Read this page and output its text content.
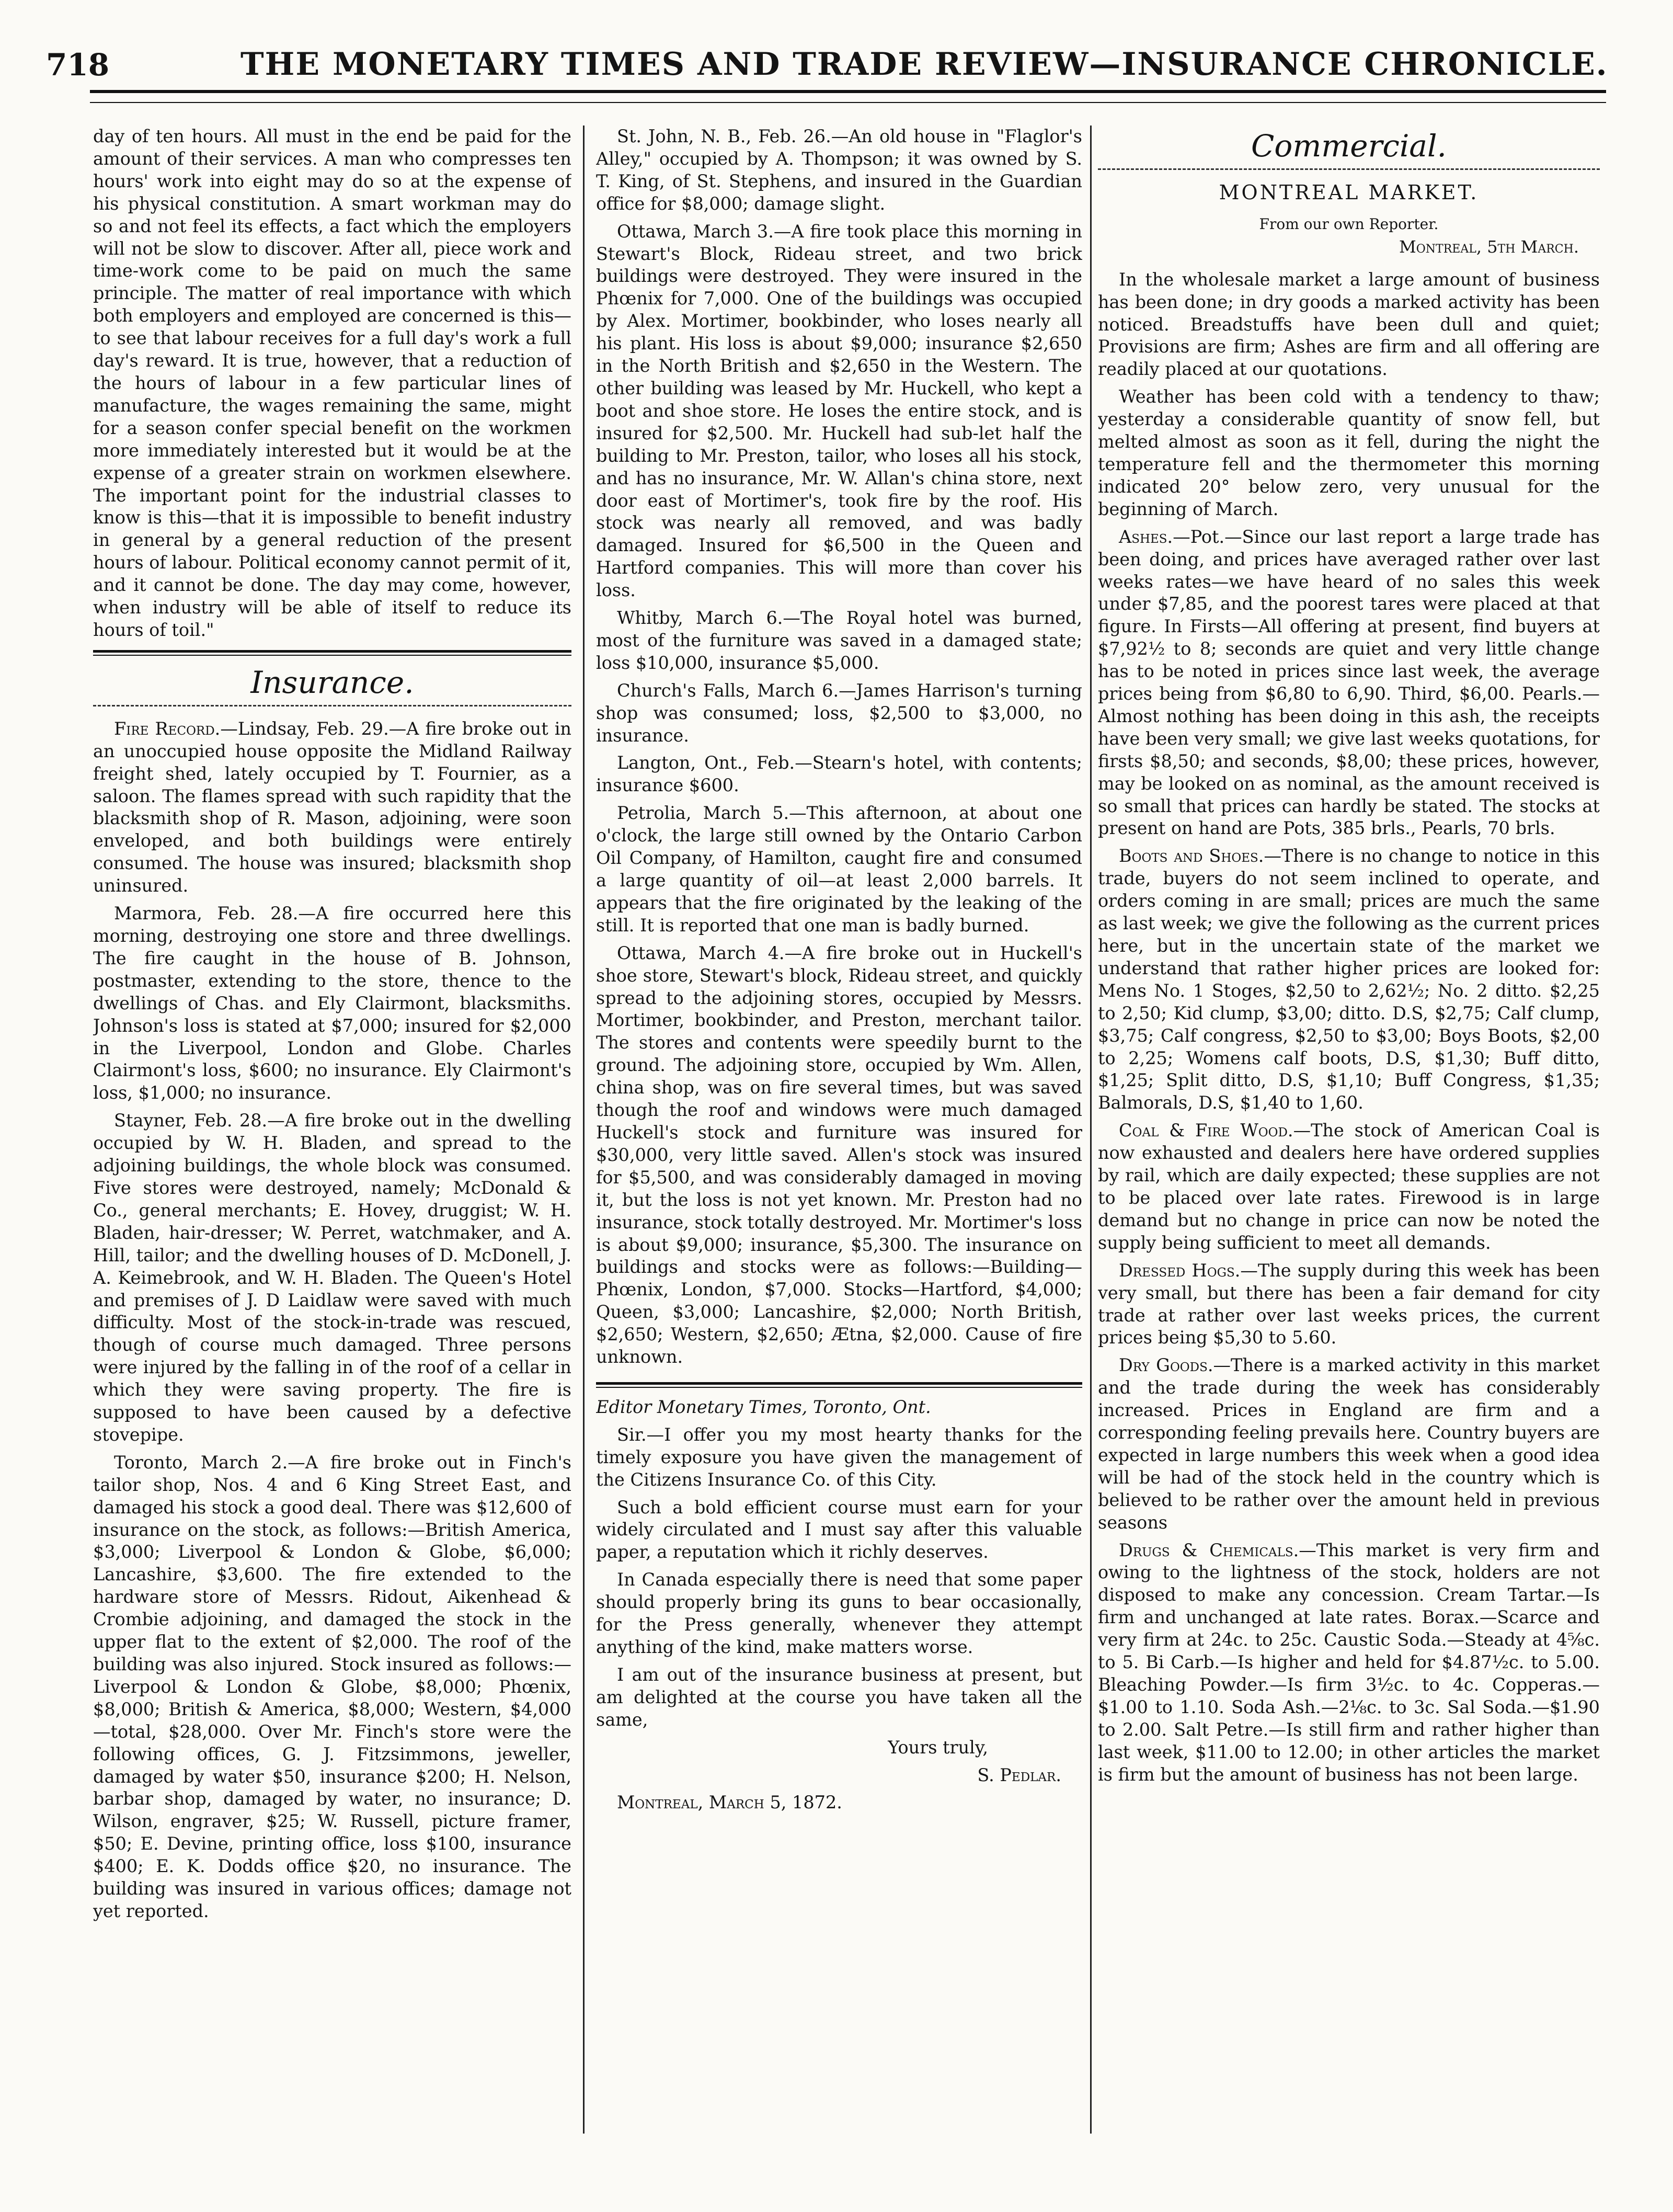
718	THE MONETARY TIMES AND TRADE REVIEW—INSURANCE CHRONICLE.

day of ten hours. All must in the end be paid for the amount of their services. A man who compresses ten hours' work into eight may do so at the expense of his physical constitution. A smart workman may do so and not feel its effects, a fact which the employers will not be slow to discover. After all, piece work and time-work come to be paid on much the same principle. The matter of real importance with which both employers and employed are concerned is this—to see that labour receives for a full day's work a full day's reward. It is true, however, that a reduction of the hours of labour in a few particular lines of manufacture, the wages remaining the same, might for a season confer special benefit on the workmen more immediately interested but it would be at the expense of a greater strain on workmen elsewhere. The important point for the industrial classes to know is this—that it is impossible to benefit industry in general by a general reduction of the present hours of labour. Political economy cannot permit of it, and it cannot be done. The day may come, however, when industry will be able of itself to reduce its hours of toil."

Insurance.

Fire Record.—Lindsay, Feb. 29.—A fire broke out in an unoccupied house opposite the Midland Railway freight shed, lately occupied by T. Fournier, as a saloon. The flames spread with such rapidity that the blacksmith shop of R. Mason, adjoining, were soon enveloped, and both buildings were entirely consumed. The house was insured; blacksmith shop uninsured.

Marmora, Feb. 28.—A fire occurred here this morning, destroying one store and three dwellings. The fire caught in the house of B. Johnson, postmaster, extending to the store, thence to the dwellings of Chas. and Ely Clairmont, blacksmiths. Johnson's loss is stated at $7,000; insured for $2,000 in the Liverpool, London and Globe. Charles Clairmont's loss, $600; no insurance. Ely Clairmont's loss, $1,000; no insurance.

Stayner, Feb. 28.—A fire broke out in the dwelling occupied by W. H. Bladen, and spread to the adjoining buildings, the whole block was consumed. Five stores were destroyed, namely; McDonald & Co., general merchants; E. Hovey, druggist; W. H. Bladen, hair-dresser; W. Perret, watchmaker, and A. Hill, tailor; and the dwelling houses of D. McDonell, J. A. Keimebrook, and W. H. Bladen. The Queen's Hotel and premises of J. D Laidlaw were saved with much difficulty. Most of the stock-in-trade was rescued, though of course much damaged. Three persons were injured by the falling in of the roof of a cellar in which they were saving property. The fire is supposed to have been caused by a defective stovepipe.

Toronto, March 2.—A fire broke out in Finch's tailor shop, Nos. 4 and 6 King Street East, and damaged his stock a good deal. There was $12,600 of insurance on the stock, as follows:—British America, $3,000; Liverpool & London & Globe, $6,000; Lancashire, $3,600. The fire extended to the hardware store of Messrs. Ridout, Aikenhead & Crombie adjoining, and damaged the stock in the upper flat to the extent of $2,000. The roof of the building was also injured. Stock insured as follows:—Liverpool & London & Globe, $8,000; Phœnix, $8,000; British & America, $8,000; Western, $4,000—total, $28,000. Over Mr. Finch's store were the following offices, G. J. Fitzsimmons, jeweller, damaged by water $50, insurance $200; H. Nelson, barbar shop, damaged by water, no insurance; D. Wilson, engraver, $25; W. Russell, picture framer, $50; E. Devine, printing office, loss $100, insurance $400; E. K. Dodds office $20, no insurance. The building was insured in various offices; damage not yet reported.

St. John, N. B., Feb. 26.—An old house in "Flaglor's Alley," occupied by A. Thompson; it was owned by S. T. King, of St. Stephens, and insured in the Guardian office for $8,000; damage slight.

Ottawa, March 3.—A fire took place this morning in Stewart's Block, Rideau street, and two brick buildings were destroyed. They were insured in the Phœnix for 7,000. One of the buildings was occupied by Alex. Mortimer, bookbinder, who loses nearly all his plant. His loss is about $9,000; insurance $2,650 in the North British and $2,650 in the Western. The other building was leased by Mr. Huckell, who kept a boot and shoe store. He loses the entire stock, and is insured for $2,500. Mr. Huckell had sub-let half the building to Mr. Preston, tailor, who loses all his stock, and has no insurance, Mr. W. Allan's china store, next door east of Mortimer's, took fire by the roof. His stock was nearly all removed, and was badly damaged. Insured for $6,500 in the Queen and Hartford companies. This will more than cover his loss.

Whitby, March 6.—The Royal hotel was burned, most of the furniture was saved in a damaged state; loss $10,000, insurance $5,000.

Church's Falls, March 6.—James Harrison's turning shop was consumed; loss, $2,500 to $3,000, no insurance.

Langton, Ont., Feb.—Stearn's hotel, with contents; insurance $600.

Petrolia, March 5.—This afternoon, at about one o'clock, the large still owned by the Ontario Carbon Oil Company, of Hamilton, caught fire and consumed a large quantity of oil—at least 2,000 barrels. It appears that the fire originated by the leaking of the still. It is reported that one man is badly burned.

Ottawa, March 4.—A fire broke out in Huckell's shoe store, Stewart's block, Rideau street, and quickly spread to the adjoining stores, occupied by Messrs. Mortimer, bookbinder, and Preston, merchant tailor. The stores and contents were speedily burnt to the ground. The adjoining store, occupied by Wm. Allen, china shop, was on fire several times, but was saved though the roof and windows were much damaged Huckell's stock and furniture was insured for $30,000, very little saved. Allen's stock was insured for $5,500, and was considerably damaged in moving it, but the loss is not yet known. Mr. Preston had no insurance, stock totally destroyed. Mr. Mortimer's loss is about $9,000; insurance, $5,300. The insurance on buildings and stocks were as follows:—Building—Phœnix, London, $7,000. Stocks—Hartford, $4,000; Queen, $3,000; Lancashire, $2,000; North British, $2,650; Western, $2,650; Ætna, $2,000. Cause of fire unknown.

Editor Monetary Times, Toronto, Ont.

Sir.—I offer you my most hearty thanks for the timely exposure you have given the management of the Citizens Insurance Co. of this City.

Such a bold efficient course must earn for your widely circulated and I must say after this valuable paper, a reputation which it richly deserves.

In Canada especially there is need that some paper should properly bring its guns to bear occasionally, for the Press generally, whenever they attempt anything of the kind, make matters worse.

I am out of the insurance business at present, but am delighted at the course you have taken all the same,

Yours truly,

S. Pedlar.

Montreal, March 5, 1872.

Commercial.
MONTREAL MARKET.
From our own Reporter.
Montreal, 5th March.

In the wholesale market a large amount of business has been done; in dry goods a marked activity has been noticed. Breadstuffs have been dull and quiet; Provisions are firm; Ashes are firm and all offering are readily placed at our quotations.

Weather has been cold with a tendency to thaw; yesterday a considerable quantity of snow fell, but melted almost as soon as it fell, during the night the temperature fell and the thermometer this morning indicated 20° below zero, very unusual for the beginning of March.

Ashes.—Pot.—Since our last report a large trade has been doing, and prices have averaged rather over last weeks rates—we have heard of no sales this week under $7,85, and the poorest tares were placed at that figure. In Firsts—All offering at present, find buyers at $7,92½ to 8; seconds are quiet and very little change has to be noted in prices since last week, the average prices being from $6,80 to 6,90. Third, $6,00. Pearls.—Almost nothing has been doing in this ash, the receipts have been very small; we give last weeks quotations, for firsts $8,50; and seconds, $8,00; these prices, however, may be looked on as nominal, as the amount received is so small that prices can hardly be stated. The stocks at present on hand are Pots, 385 brls., Pearls, 70 brls.

Boots and Shoes.—There is no change to notice in this trade, buyers do not seem inclined to operate, and orders coming in are small; prices are much the same as last week; we give the following as the current prices here, but in the uncertain state of the market we understand that rather higher prices are looked for: Mens No. 1 Stoges, $2,50 to 2,62½; No. 2 ditto. $2,25 to 2,50; Kid clump, $3,00; ditto. D.S, $2,75; Calf clump, $3,75; Calf congress, $2,50 to $3,00; Boys Boots, $2,00 to 2,25; Womens calf boots, D.S, $1,30; Buff ditto, $1,25; Split ditto, D.S, $1,10; Buff Congress, $1,35; Balmorals, D.S, $1,40 to 1,60.

Coal & Fire Wood.—The stock of American Coal is now exhausted and dealers here have ordered supplies by rail, which are daily expected; these supplies are not to be placed over late rates. Firewood is in large demand but no change in price can now be noted the supply being sufficient to meet all demands.

Dressed Hogs.—The supply during this week has been very small, but there has been a fair demand for city trade at rather over last weeks prices, the current prices being $5,30 to 5.60.

Dry Goods.—There is a marked activity in this market and the trade during the week has considerably increased. Prices in England are firm and a corresponding feeling prevails here. Country buyers are expected in large numbers this week when a good idea will be had of the stock held in the country which is believed to be rather over the amount held in previous seasons

Drugs & Chemicals.—This market is very firm and owing to the lightness of the stock, holders are not disposed to make any concession. Cream Tartar.—Is firm and unchanged at late rates. Borax.—Scarce and very firm at 24c. to 25c. Caustic Soda.—Steady at 4⅝c. to 5. Bi Carb.—Is higher and held for $4.87½c. to 5.00. Bleaching Powder.—Is firm 3½c. to 4c. Copperas.—$1.00 to 1.10. Soda Ash.—2⅛c. to 3c. Sal Soda.—$1.90 to 2.00. Salt Petre.—Is still firm and rather higher than last week, $11.00 to 12.00; in other articles the market is firm but the amount of business has not been large.
